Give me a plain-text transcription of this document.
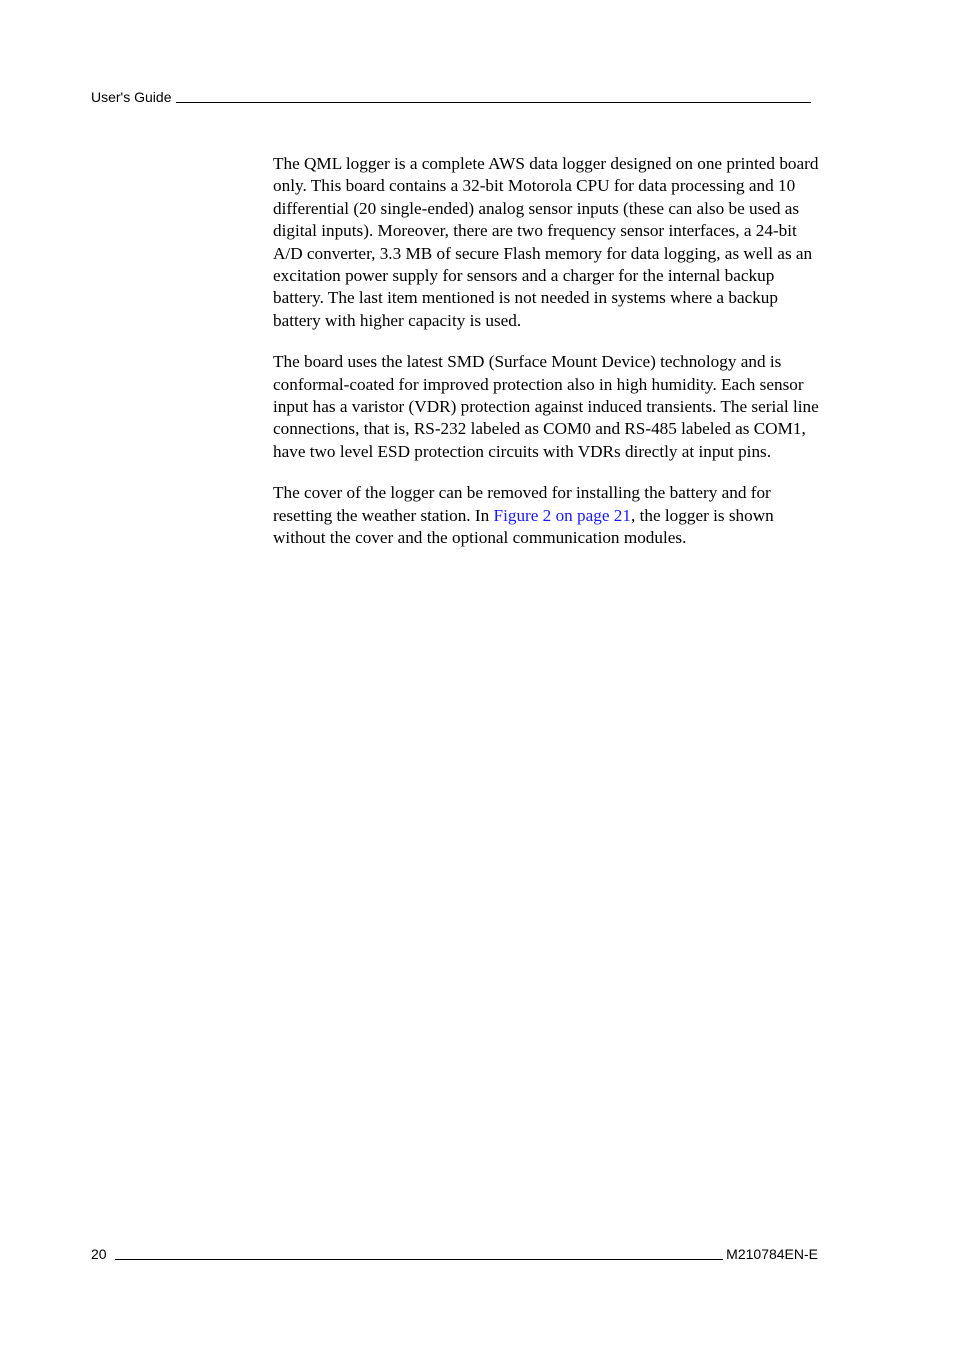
User's Guide

The QML logger is a complete AWS data logger designed on one printed board only. This board contains a 32-bit Motorola CPU for data processing and 10 differential (20 single-ended) analog sensor inputs (these can also be used as digital inputs). Moreover, there are two frequency sensor interfaces, a 24-bit A/D converter, 3.3 MB of secure Flash memory for data logging, as well as an excitation power supply for sensors and a charger for the internal backup battery. The last item mentioned is not needed in systems where a backup battery with higher capacity is used.

The board uses the latest SMD (Surface Mount Device) technology and is conformal-coated for improved protection also in high humidity. Each sensor input has a varistor (VDR) protection against induced transients. The serial line connections, that is, RS-232 labeled as COM0 and RS-485 labeled as COM1, have two level ESD protection circuits with VDRs directly at input pins.

The cover of the logger can be removed for installing the battery and for resetting the weather station. In Figure 2 on page 21, the logger is shown without the cover and the optional communication modules.

20	M210784EN-E
